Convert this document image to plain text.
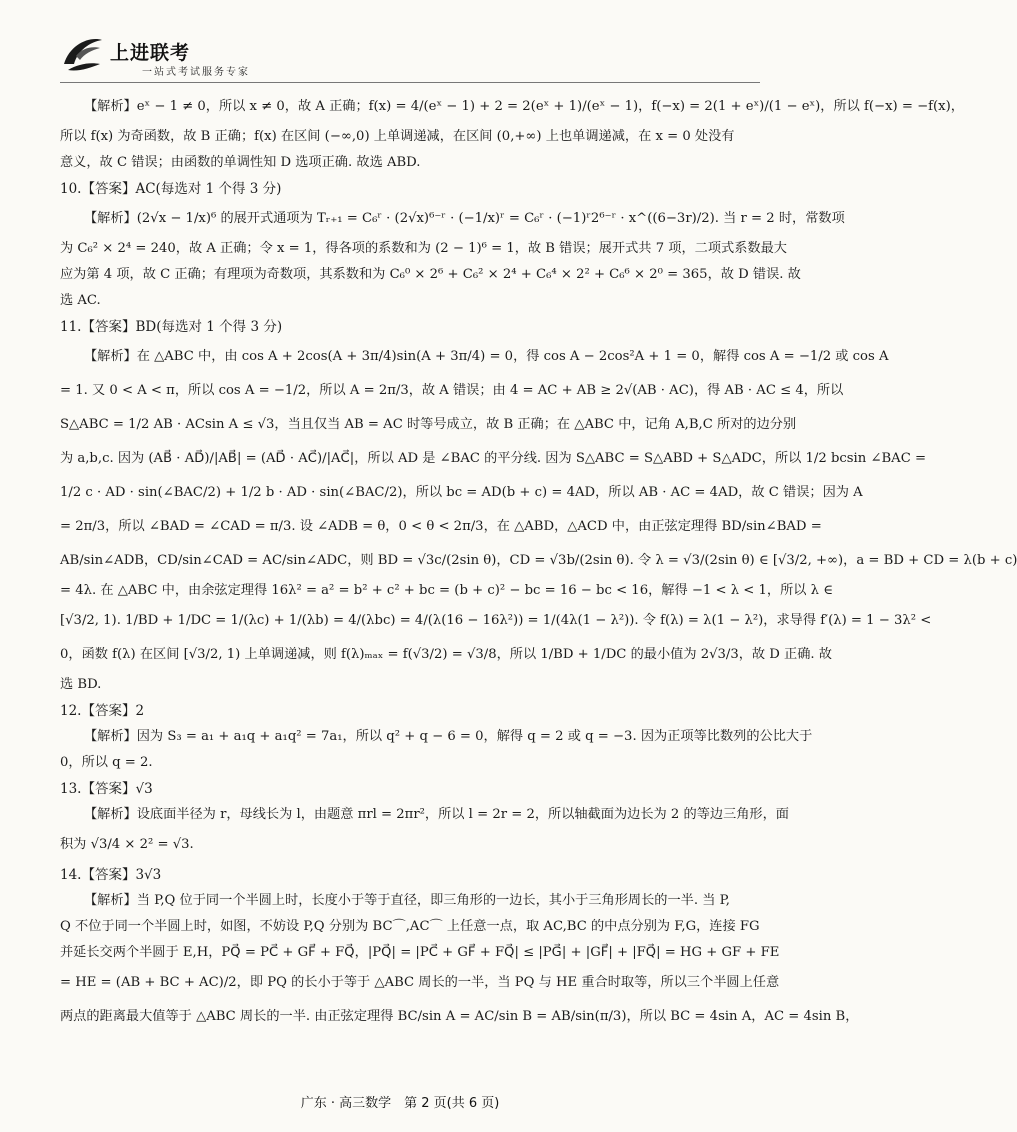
上进联考
一站式考试服务专家
【解析】eˣ − 1 ≠ 0，所以 x ≠ 0，故 A 正确；f(x) = 4/(eˣ − 1) + 2 = 2(eˣ + 1)/(eˣ − 1)，f(−x) = 2(1 + eˣ)/(1 − eˣ)，所以 f(−x) = −f(x)，
所以 f(x) 为奇函数，故 B 正确；f(x) 在区间 (−∞,0) 上单调递减，在区间 (0,+∞) 上也单调递减，在 x = 0 处没有
意义，故 C 错误；由函数的单调性知 D 选项正确. 故选 ABD.
10.【答案】AC(每选对 1 个得 3 分)
【解析】(2√x − 1/x)⁶ 的展开式通项为 Tᵣ₊₁ = C₆ʳ · (2√x)⁶⁻ʳ · (−1/x)ʳ = C₆ʳ · (−1)ʳ2⁶⁻ʳ · x^((6−3r)/2). 当 r = 2 时，常数项
为 C₆² × 2⁴ = 240，故 A 正确；令 x = 1，得各项的系数和为 (2 − 1)⁶ = 1，故 B 错误；展开式共 7 项，二项式系数最大
应为第 4 项，故 C 正确；有理项为奇数项，其系数和为 C₆⁰ × 2⁶ + C₆² × 2⁴ + C₆⁴ × 2² + C₆⁶ × 2⁰ = 365，故 D 错误. 故
选 AC.
11.【答案】BD(每选对 1 个得 3 分)
【解析】在 △ABC 中，由 cos A + 2cos(A + 3π/4)sin(A + 3π/4) = 0，得 cos A − 2cos²A + 1 = 0，解得 cos A = −1/2 或 cos A
= 1. 又 0 < A < π，所以 cos A = −1/2，所以 A = 2π/3，故 A 错误；由 4 = AC + AB ≥ 2√(AB · AC)，得 AB · AC ≤ 4，所以
S△ABC = 1/2 AB · ACsin A ≤ √3，当且仅当 AB = AC 时等号成立，故 B 正确；在 △ABC 中，记角 A,B,C 所对的边分别
为 a,b,c. 因为 (AB⃗ · AD⃗)/|AB⃗| = (AD⃗ · AC⃗)/|AC⃗|，所以 AD 是 ∠BAC 的平分线. 因为 S△ABC = S△ABD + S△ADC，所以 1/2 bcsin ∠BAC =
1/2 c · AD · sin(∠BAC/2) + 1/2 b · AD · sin(∠BAC/2)，所以 bc = AD(b + c) = 4AD，所以 AB · AC = 4AD，故 C 错误；因为 A
= 2π/3，所以 ∠BAD = ∠CAD = π/3. 设 ∠ADB = θ，0 < θ < 2π/3，在 △ABD，△ACD 中，由正弦定理得 BD/sin∠BAD =
AB/sin∠ADB，CD/sin∠CAD = AC/sin∠ADC，则 BD = √3c/(2sin θ)，CD = √3b/(2sin θ). 令 λ = √3/(2sin θ) ∈ [√3/2, +∞)，a = BD + CD = λ(b + c)
= 4λ. 在 △ABC 中，由余弦定理得 16λ² = a² = b² + c² + bc = (b + c)² − bc = 16 − bc < 16，解得 −1 < λ < 1，所以 λ ∈
[√3/2, 1). 1/BD + 1/DC = 1/(λc) + 1/(λb) = 4/(λbc) = 4/(λ(16 − 16λ²)) = 1/(4λ(1 − λ²)). 令 f(λ) = λ(1 − λ²)，求导得 f′(λ) = 1 − 3λ² <
0，函数 f(λ) 在区间 [√3/2, 1) 上单调递减，则 f(λ)ₘₐₓ = f(√3/2) = √3/8，所以 1/BD + 1/DC 的最小值为 2√3/3，故 D 正确. 故
选 BD.
12.【答案】2
【解析】因为 S₃ = a₁ + a₁q + a₁q² = 7a₁，所以 q² + q − 6 = 0，解得 q = 2 或 q = −3. 因为正项等比数列的公比大于
0，所以 q = 2.
13.【答案】√3
【解析】设底面半径为 r，母线长为 l，由题意 πrl = 2πr²，所以 l = 2r = 2，所以轴截面为边长为 2 的等边三角形，面
积为 √3/4 × 2² = √3.
14.【答案】3√3
【解析】当 P,Q 位于同一个半圆上时，长度小于等于直径，即三角形的一边长，其小于三角形周长的一半. 当 P,
Q 不位于同一个半圆上时，如图，不妨设 P,Q 分别为 BC⌒,AC⌒ 上任意一点，取 AC,BC 的中点分别为 F,G，连接 FG
并延长交两个半圆于 E,H，PQ⃗ = PC⃗ + GF⃗ + FQ⃗，|PQ⃗| = |PC⃗ + GF⃗ + FQ⃗| ≤ |PG⃗| + |GF⃗| + |FQ⃗| = HG + GF + FE
= HE = (AB + BC + AC)/2，即 PQ 的长小于等于 △ABC 周长的一半，当 PQ 与 HE 重合时取等，所以三个半圆上任意
两点的距离最大值等于 △ABC 周长的一半. 由正弦定理得 BC/sin A = AC/sin B = AB/sin(π/3)，所以 BC = 4sin A，AC = 4sin B，
广东 · 高三数学　第 2 页(共 6 页)
